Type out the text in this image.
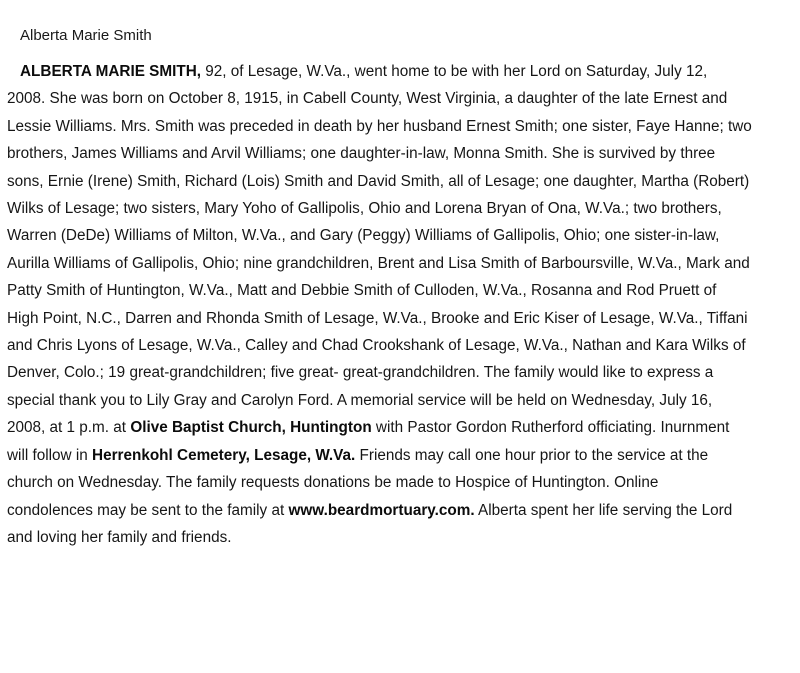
Alberta Marie Smith
ALBERTA MARIE SMITH, 92, of Lesage, W.Va., went home to be with her Lord on Saturday, July 12,
2008. She was born on October 8, 1915, in Cabell County, West Virginia, a daughter of the late Ernest and
Lessie Williams. Mrs. Smith was preceded in death by her husband Ernest Smith; one sister, Faye Hanne; two
brothers, James Williams and Arvil Williams; one daughter-in-law, Monna Smith. She is survived by three
sons, Ernie (Irene) Smith, Richard (Lois) Smith and David Smith, all of Lesage; one daughter, Martha (Robert)
Wilks of Lesage; two sisters, Mary Yoho of Gallipolis, Ohio and Lorena Bryan of Ona, W.Va.; two brothers,
Warren (DeDe) Williams of Milton, W.Va., and Gary (Peggy) Williams of Gallipolis, Ohio; one sister-in-law,
Aurilla Williams of Gallipolis, Ohio; nine grandchildren, Brent and Lisa Smith of Barboursville, W.Va., Mark and
Patty Smith of Huntington, W.Va., Matt and Debbie Smith of Culloden, W.Va., Rosanna and Rod Pruett of
High Point, N.C., Darren and Rhonda Smith of Lesage, W.Va., Brooke and Eric Kiser of Lesage, W.Va., Tiffani
and Chris Lyons of Lesage, W.Va., Calley and Chad Crookshank of Lesage, W.Va., Nathan and Kara Wilks of
Denver, Colo.; 19 great-grandchildren; five great- great-grandchildren. The family would like to express a
special thank you to Lily Gray and Carolyn Ford. A memorial service will be held on Wednesday, July 16,
2008, at 1 p.m. at Olive Baptist Church, Huntington with Pastor Gordon Rutherford officiating. Inurnment
will follow in Herrenkohl Cemetery, Lesage, W.Va. Friends may call one hour prior to the service at the
church on Wednesday. The family requests donations be made to Hospice of Huntington. Online
condolences may be sent to the family at www.beardmortuary.com. Alberta spent her life serving the Lord
and loving her family and friends.
